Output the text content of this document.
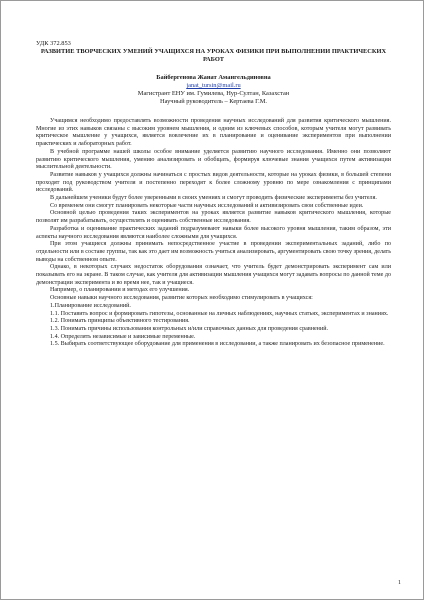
УДК 372.853

РАЗВИТИЕ ТВОРЧЕСКИХ УМЕНИЙ УЧАЩИХСЯ НА УРОКАХ ФИЗИКИ ПРИ ВЫПОЛНЕНИИ ПРАКТИЧЕСКИХ РАБОТ

Байбергенова Жанат Амангельдиновна

janat_tursin@mail.ru

Магистрант ЕНУ им. Гумилева, Нур-Султан, Казахстан

Научный руководитель – Кертаева Г.М.

Учащимся необходимо предоставлять возможности проведения научных исследований для развития критического мышления. Многие из этих навыков связаны с высоким уровнем мышления, и одним из ключевых способов, которым учителя могут развивать критическое мышление у учащихся, является вовлечение их в планирование и оценивание экспериментов при выполнении практических и лабораторных работ.

В учебной программе нашей школы особое внимание уделяется развитию научного исследования. Именно они позволяют развитию критического мышления, умению анализировать и обобщать, формируя ключевые знания учащихся путем активизации мыслительной деятельности.

Развитие навыков у учащихся должны начинаться с простых видов деятельности, которые на уроках физики, в большей степени проходят под руководством учителя и постепенно переходят к более сложному уровню по мере ознакомления с принципами исследований.

В дальнейшем ученики будут более уверенными в своих умениях и смогут проводить физические эксперименты без учителя.

Со временем они смогут планировать некоторые части научных исследований и активизировать свои собственные идеи.

Основной целью проведения таких экспериментов на уроках является развитие навыков критического мышления, которые позволят им разрабатывать, осуществлять и оценивать собственные исследования.

Разработка и оценивание практических заданий подразумевают навыки более высокого уровня мышления, таким образом, эти аспекты научного исследования являются наиболее сложными для учащихся.

При этом учащиеся должны принимать непосредственное участие в проведении экспериментальных заданий, либо по отдельности или в составе группы, так как это дает им возможность учиться анализировать, аргументировать свою точку зрения, делать выводы на собственном опыте.

Однако, в некоторых случаях недостаток оборудования означает, что учитель будет демонстрировать эксперимент сам или показывать его на экране. В таком случае, как учителя для активизации мышления учащихся могут задавать вопросы по данной теме до демонстрации эксперимента и во время нее, так и учащиеся.

Например, о планировании и методах его улучшения.

Основные навыки научного исследования, развитие которых необходимо стимулировать в учащихся:

1.Планирование исследований.

1.1. Поставить вопрос и формировать гипотезы, основанные на личных наблюдениях, научных статьях, экспериментах и знаниях.

1.2. Понимать принципы объективного тестирования.

1.3. Понимать причины использования контрольных и/или справочных данных для проведения сравнений.

1.4. Определять независимые и зависимые переменные.

1.5. Выбирать соответствующее оборудование для применения в исследовании, а также планировать их безопасное применение.

1
